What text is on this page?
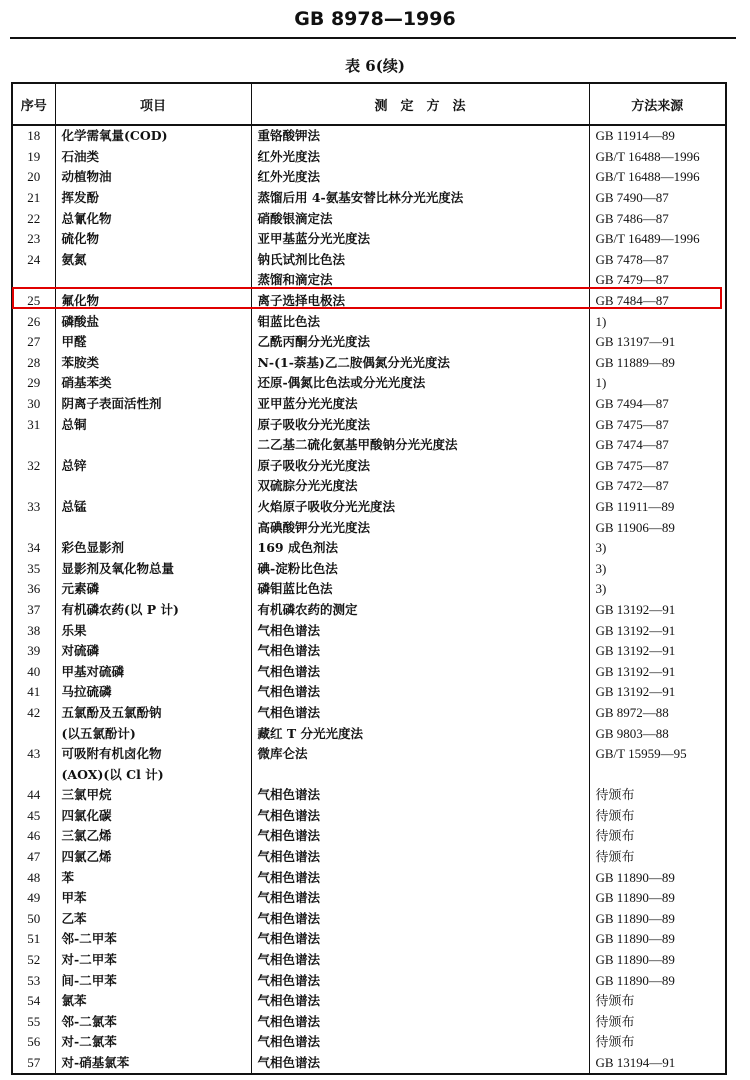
GB 8978—1996
表 6(续)
序号	项目	测　定　方　法	方法来源
18	化学需氧量(COD)	重铬酸钾法	GB 11914—89
19	石油类	红外光度法	GB/T 16488—1996
20	动植物油	红外光度法	GB/T 16488—1996
21	挥发酚	蒸馏后用 4-氨基安替比林分光光度法	GB 7490—87
22	总氰化物	硝酸银滴定法	GB 7486—87
23	硫化物	亚甲基蓝分光光度法	GB/T 16489—1996
24	氨氮	钠氏试剂比色法	GB 7478—87
		蒸馏和滴定法	GB 7479—87
25	氟化物	离子选择电极法	GB 7484—87
26	磷酸盐	钼蓝比色法	1)
27	甲醛	乙酰丙酮分光光度法	GB 13197—91
28	苯胺类	N-(1-萘基)乙二胺偶氮分光光度法	GB 11889—89
29	硝基苯类	还原-偶氮比色法或分光光度法	1)
30	阴离子表面活性剂	亚甲蓝分光光度法	GB 7494—87
31	总铜	原子吸收分光光度法	GB 7475—87
		二乙基二硫化氨基甲酸钠分光光度法	GB 7474—87
32	总锌	原子吸收分光光度法	GB 7475—87
		双硫腙分光光度法	GB 7472—87
33	总锰	火焰原子吸收分光光度法	GB 11911—89
		高碘酸钾分光光度法	GB 11906—89
34	彩色显影剂	169 成色剂法	3)
35	显影剂及氧化物总量	碘-淀粉比色法	3)
36	元素磷	磷钼蓝比色法	3)
37	有机磷农药(以 P 计)	有机磷农药的测定	GB 13192—91
38	乐果	气相色谱法	GB 13192—91
39	对硫磷	气相色谱法	GB 13192—91
40	甲基对硫磷	气相色谱法	GB 13192—91
41	马拉硫磷	气相色谱法	GB 13192—91
42	五氯酚及五氯酚钠	气相色谱法	GB 8972—88
	(以五氯酚计)	藏红 T 分光光度法	GB 9803—88
43	可吸附有机卤化物	微库仑法	GB/T 15959—95
	(AOX)(以 Cl 计)		
44	三氯甲烷	气相色谱法	待颁布
45	四氯化碳	气相色谱法	待颁布
46	三氯乙烯	气相色谱法	待颁布
47	四氯乙烯	气相色谱法	待颁布
48	苯	气相色谱法	GB 11890—89
49	甲苯	气相色谱法	GB 11890—89
50	乙苯	气相色谱法	GB 11890—89
51	邻-二甲苯	气相色谱法	GB 11890—89
52	对-二甲苯	气相色谱法	GB 11890—89
53	间-二甲苯	气相色谱法	GB 11890—89
54	氯苯	气相色谱法	待颁布
55	邻-二氯苯	气相色谱法	待颁布
56	对-二氯苯	气相色谱法	待颁布
57	对-硝基氯苯	气相色谱法	GB 13194—91
